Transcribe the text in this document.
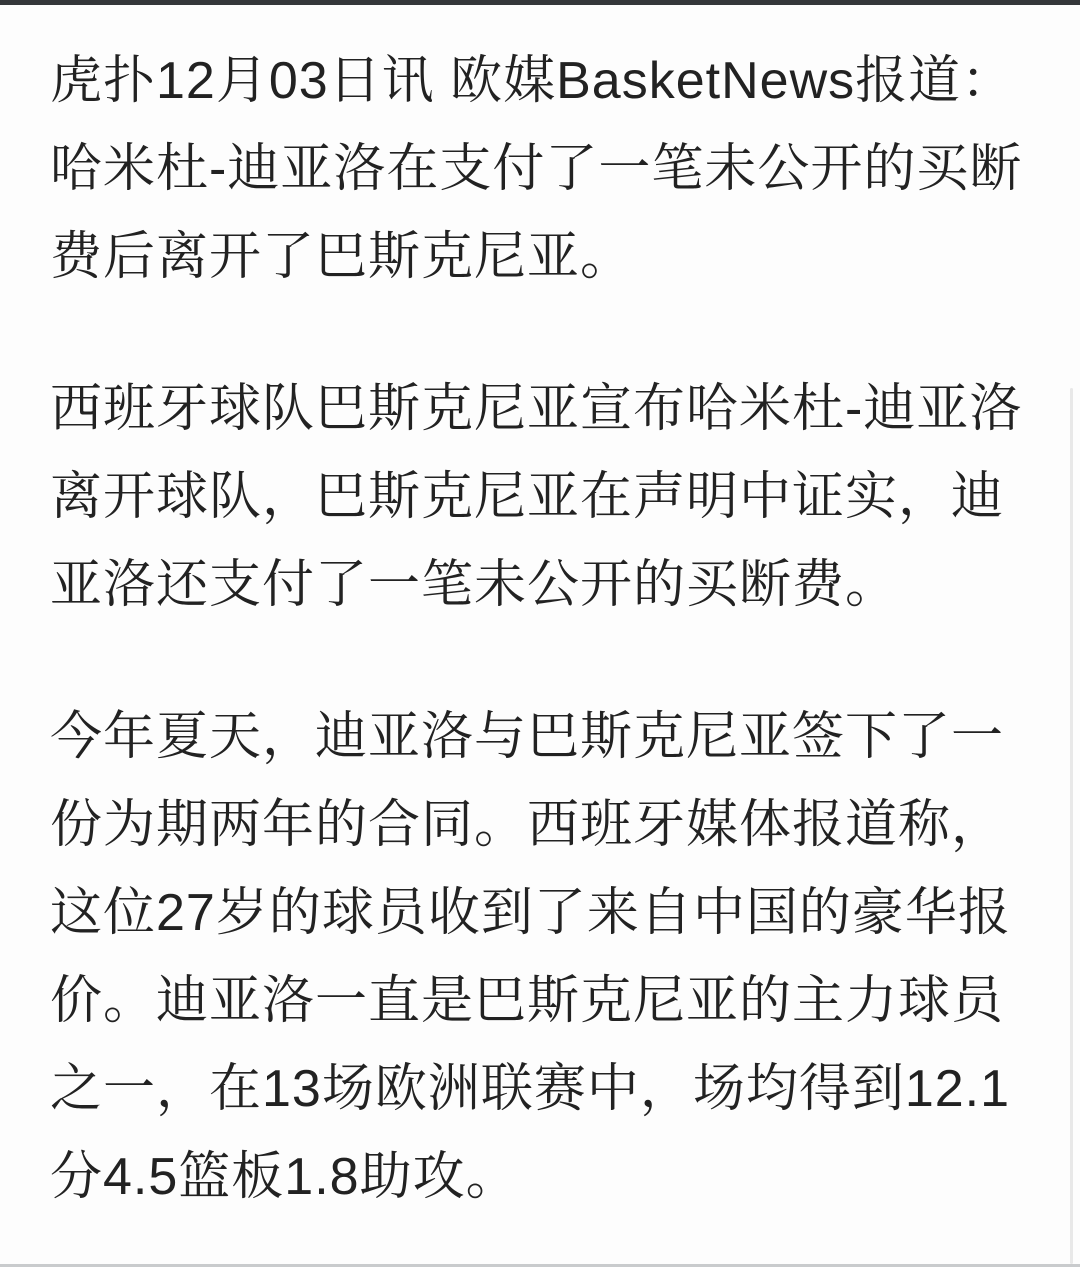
虎扑12月03日讯 欧媒BasketNews报道：
哈米杜-迪亚洛在支付了一笔未公开的买断
费后离开了巴斯克尼亚。

西班牙球队巴斯克尼亚宣布哈米杜-迪亚洛
离开球队，巴斯克尼亚在声明中证实，迪
亚洛还支付了一笔未公开的买断费。

今年夏天，迪亚洛与巴斯克尼亚签下了一
份为期两年的合同。西班牙媒体报道称，
这位27岁的球员收到了来自中国的豪华报
价。迪亚洛一直是巴斯克尼亚的主力球员
之一，在13场欧洲联赛中，场均得到12.1
分4.5篮板1.8助攻。
